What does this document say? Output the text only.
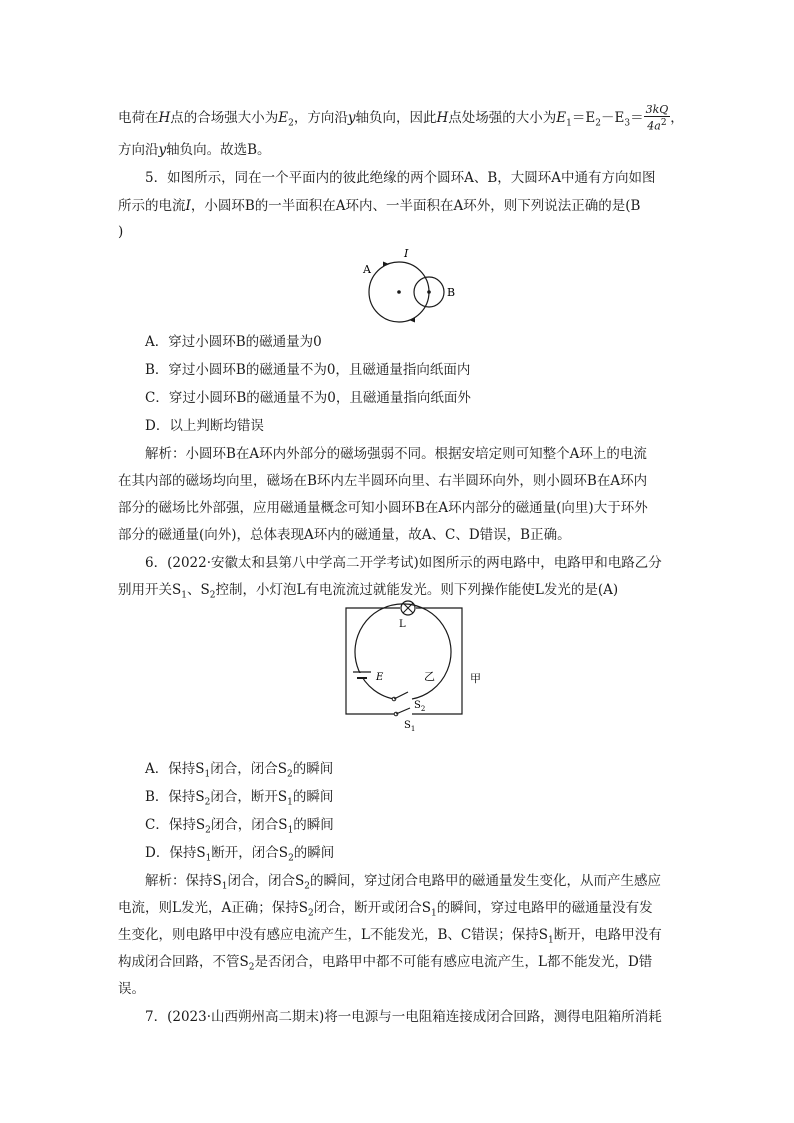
电荷在H点的合场强大小为$E_2$，方向沿y轴负向，因此H点处场强的大小为$E_1=E_2-E_3= \frac{3kQ}{4a^2}$ ，
方向沿y轴负向。故选B。
5．如图所示，同在一个平面内的彼此绝缘的两个圆环A、B，大圆环A中通有方向如图
所示的电流I，小圆环B的一半面积在A环内、一半面积在A环外，则下列说法正确的是(B
)
A
I
B
A．穿过小圆环B的磁通量为0
B．穿过小圆环B的磁通量不为0，且磁通量指向纸面内
C．穿过小圆环B的磁通量不为0，且磁通量指向纸面外
D．以上判断均错误
解析：小圆环B在A环内外部分的磁场强弱不同。根据安培定则可知整个A环上的电流
在其内部的磁场均向里，磁场在B环内左半圆环向里、右半圆环向外，则小圆环B在A环内
部分的磁场比外部强，应用磁通量概念可知小圆环B在A环内部分的磁通量(向里)大于环外
部分的磁通量(向外)，总体表现A环内的磁通量，故A、C、D错误，B正确。
6．(2022·安徽太和县第八中学高二开学考试)如图所示的两电路中，电路甲和电路乙分
别用开关$S_1$、$S_2$控制，小灯泡L有电流流过就能发光。则下列操作能使L发光的是(A)
L
$S_1$
E	乙
$S_2$
甲
A．保持$S_1$闭合，闭合$S_2$的瞬间
B．保持$S_2$闭合，断开$S_1$的瞬间
C．保持$S_2$闭合，闭合$S_1$的瞬间
D．保持$S_1$断开，闭合$S_2$的瞬间
解析：保持$S_1$闭合，闭合$S_2$的瞬间，穿过闭合电路甲的磁通量发生变化，从而产生感应
电流，则L发光，A正确；保持$S_2$闭合，断开或闭合$S_1$的瞬间，穿过电路甲的磁通量没有发
生变化，则电路甲中没有感应电流产生，L不能发光，B、C错误；保持$S_1$断开，电路甲没有
构成闭合回路，不管$S_2$是否闭合，电路甲中都不可能有感应电流产生，L都不能发光，D错
误。
7．(2023·山西朔州高二期末)将一电源与一电阻箱连接成闭合回路，测得电阻箱所消耗
